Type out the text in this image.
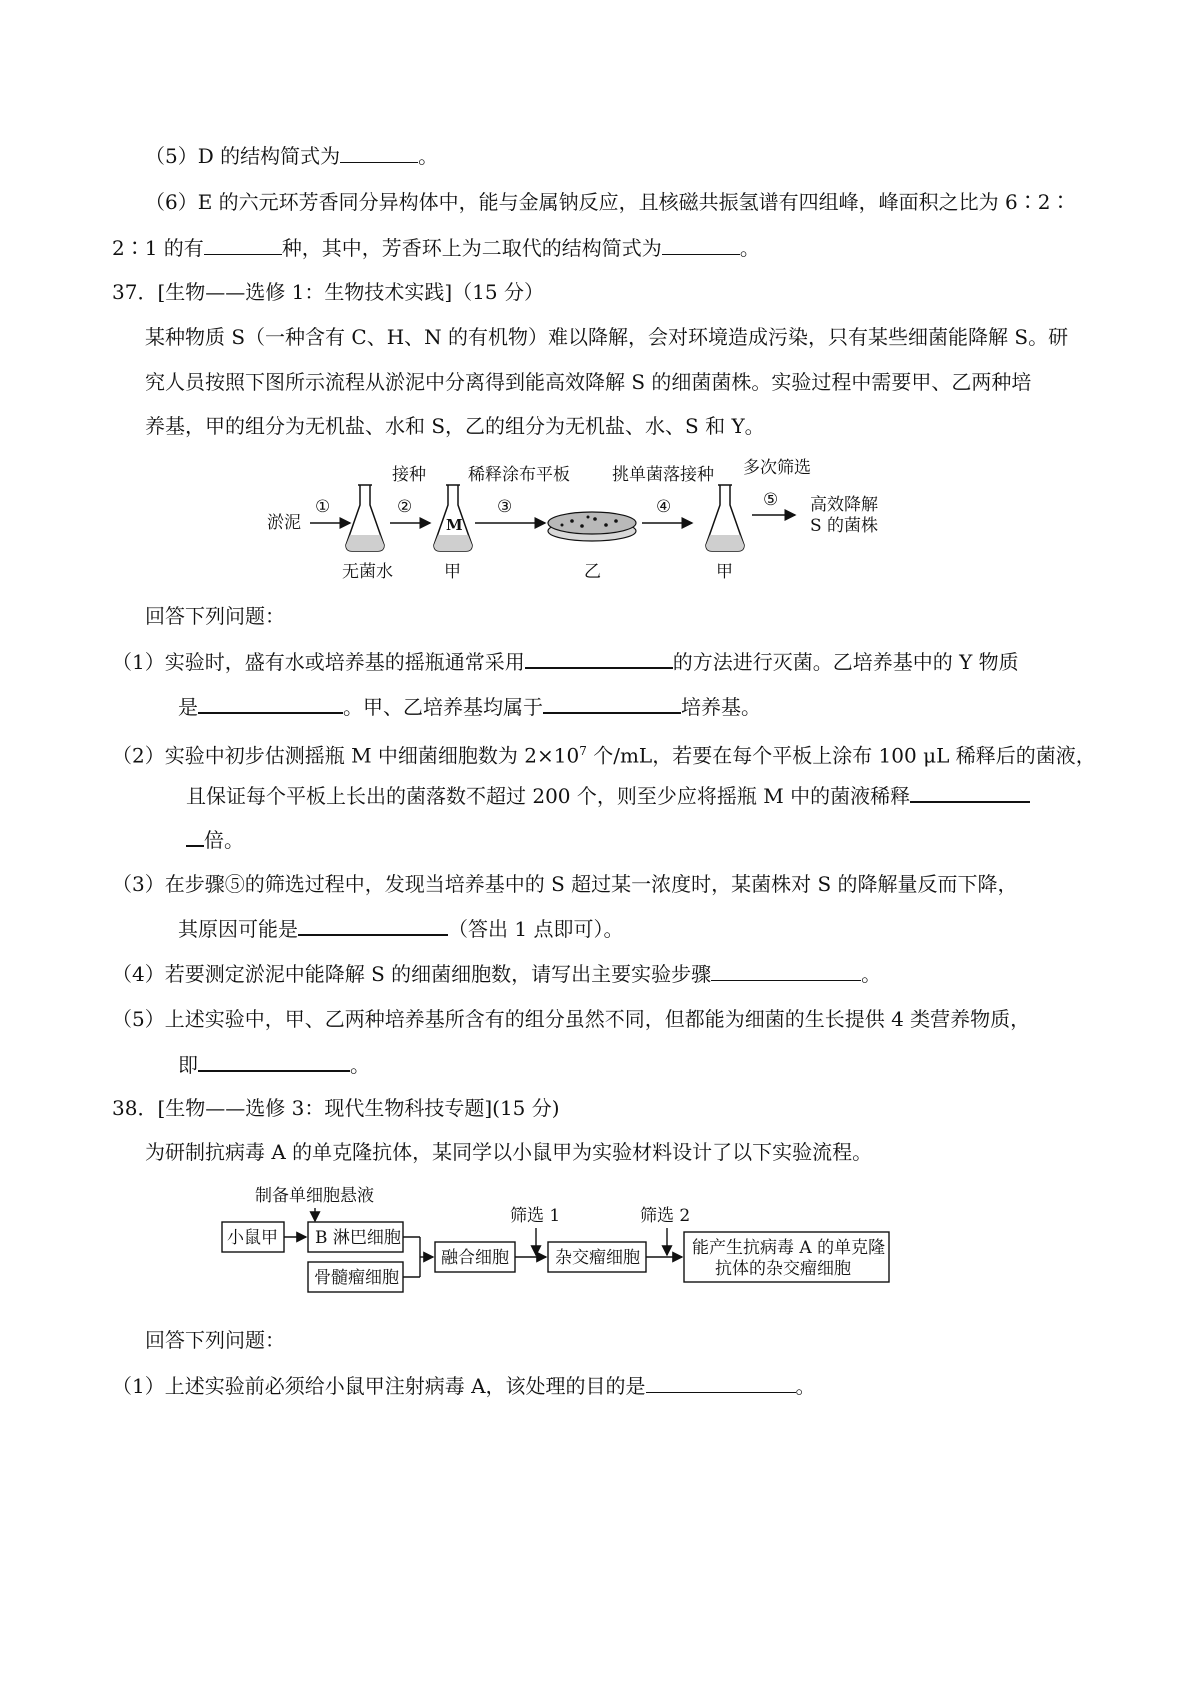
（5）D 的结构简式为	。
（6）E 的六元环芳香同分异构体中，能与金属钠反应，且核磁共振氢谱有四组峰，峰面积之比为 6∶2∶
2∶1 的有	种，其中，芳香环上为二取代的结构简式为	。
37．[生物——选修 1：生物技术实践]（15 分）
某种物质 S（一种含有 C、H、N 的有机物）难以降解，会对环境造成污染，只有某些细菌能降解 S。研
究人员按照下图所示流程从淤泥中分离得到能高效降解 S 的细菌菌株。实验过程中需要甲、乙两种培
养基，甲的组分为无机盐、水和 S，乙的组分为无机盐、水、S 和 Y。
淤泥
①
无菌水
接种
②
M
甲
稀释涂布平板
③
乙
挑单菌落接种
④
甲
多次筛选
⑤ 高效降解
S 的菌株
回答下列问题：
（1）实验时，盛有水或培养基的摇瓶通常采用	的方法进行灭菌。乙培养基中的 Y 物质
是	。甲、乙培养基均属于	培养基。
（2）实验中初步估测摇瓶 M 中细菌细胞数为 $2\times 10^7$ 个/mL，若要在每个平板上涂布 100 μL 稀释后的菌液，
且保证每个平板上长出的菌落数不超过 200 个，则至少应将摇瓶 M 中的菌液稀释
倍。
（3）在步骤⑤的筛选过程中，发现当培养基中的 S 超过某一浓度时，某菌株对 S 的降解量反而下降，
其原因可能是	（答出 1 点即可）。
（4）若要测定淤泥中能降解 S 的细菌细胞数，请写出主要实验步骤	。
（5）上述实验中，甲、乙两种培养基所含有的组分虽然不同，但都能为细菌的生长提供 4 类营养物质，
即	。
38．[生物——选修 3：现代生物科技专题](15 分)
为研制抗病毒 A 的单克隆抗体，某同学以小鼠甲为实验材料设计了以下实验流程。
制备单细胞悬液
小鼠甲 B 淋巴细胞
骨髓瘤细胞
融合细胞
筛选 1
杂交瘤细胞
筛选 2
能产生抗病毒 A 的单克隆
抗体的杂交瘤细胞
回答下列问题：
（1）上述实验前必须给小鼠甲注射病毒 A，该处理的目的是	。
